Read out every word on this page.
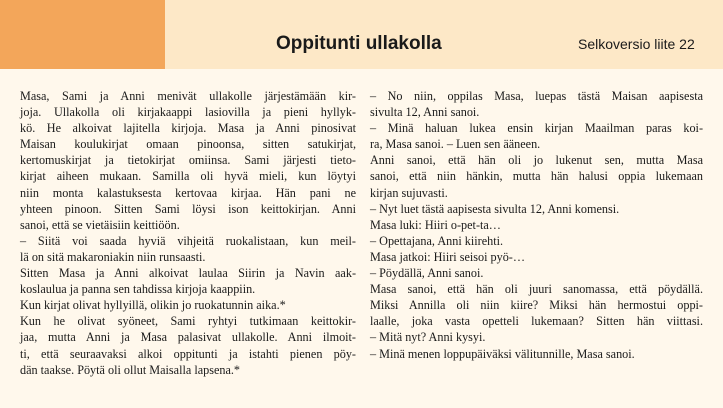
Oppitunti ullakolla	Selkoversio liite 22
Masa, Sami ja Anni menivät ullakolle järjestämään kir-
joja. Ullakolla oli kirjakaappi lasiovilla ja pieni hyllyk-
kö. He alkoivat lajitella kirjoja. Masa ja Anni pinosivat
Maisan koulukirjat omaan pinoonsa, sitten satukirjat,
kertomuskirjat ja tietokirjat omiinsa. Sami järjesti tieto-
kirjat aiheen mukaan. Samilla oli hyvä mieli, kun löytyi
niin monta kalastuksesta kertovaa kirjaa. Hän pani ne
yhteen pinoon. Sitten Sami löysi ison keittokirjan. Anni
sanoi, että se vietäisiin keittiöön.
– Siitä voi saada hyviä vihjeitä ruokalistaan, kun meil-
lä on sitä makaroniakin niin runsaasti.
Sitten Masa ja Anni alkoivat laulaa Siirin ja Navin aak-
koslaulua ja panna sen tahdissa kirjoja kaappiin.
Kun kirjat olivat hyllyillä, olikin jo ruokatunnin aika.*
Kun he olivat syöneet, Sami ryhtyi tutkimaan keittokir-
jaa, mutta Anni ja Masa palasivat ullakolle. Anni ilmoit-
ti, että seuraavaksi alkoi oppitunti ja istahti pienen pöy-
dän taakse. Pöytä oli ollut Maisalla lapsena.*
– No niin, oppilas Masa, luepas tästä Maisan aapisesta
sivulta 12, Anni sanoi.
– Minä haluan lukea ensin kirjan Maailman paras koi-
ra, Masa sanoi. – Luen sen ääneen.
Anni sanoi, että hän oli jo lukenut sen, mutta Masa
sanoi, että niin hänkin, mutta hän halusi oppia lukemaan
kirjan sujuvasti.
– Nyt luet tästä aapisesta sivulta 12, Anni komensi.
Masa luki: Hiiri o-pet-ta…
– Opettajana, Anni kiirehti.
Masa jatkoi: Hiiri seisoi pyö-…
– Pöydällä, Anni sanoi.
Masa sanoi, että hän oli juuri sanomassa, että pöydällä.
Miksi Annilla oli niin kiire? Miksi hän hermostui oppi-
laalle, joka vasta opetteli lukemaan? Sitten hän viittasi.
– Mitä nyt? Anni kysyi.
– Minä menen loppupäiväksi välitunnille, Masa sanoi.
